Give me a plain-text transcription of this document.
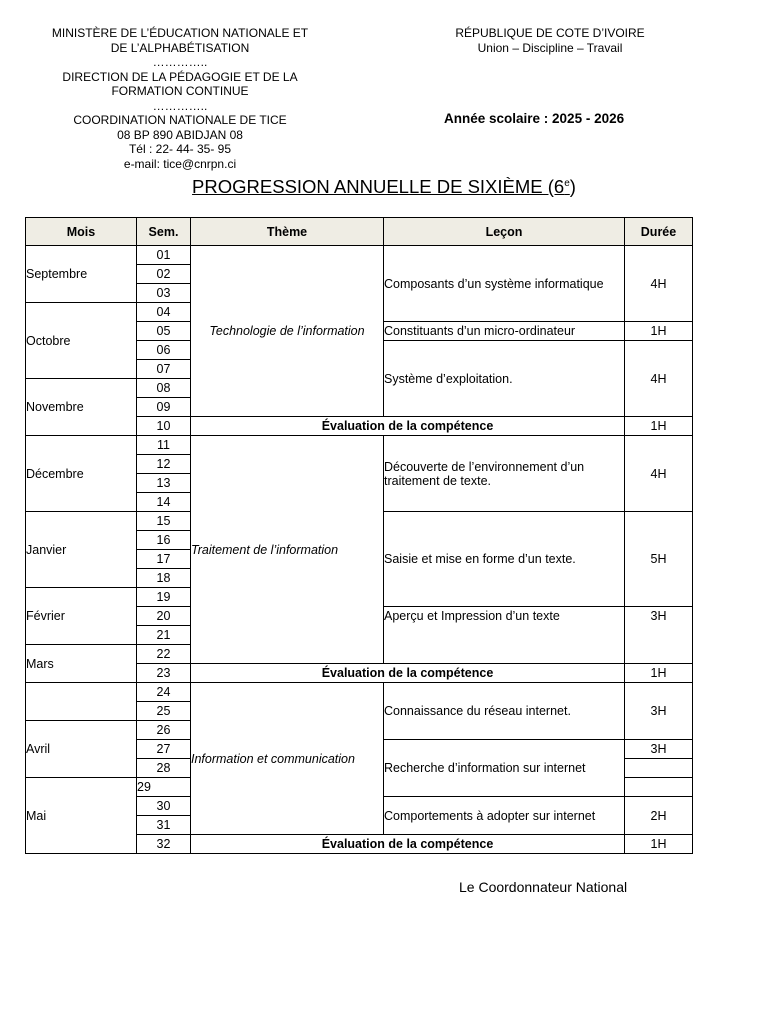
MINISTÈRE DE L’ÉDUCATION NATIONALE ET
DE L’ALPHABÉTISATION
…………..
DIRECTION DE LA PÉDAGOGIE ET DE LA
FORMATION CONTINUE
…………..
COORDINATION NATIONALE DE TICE
08 BP 890 ABIDJAN 08
Tél : 22- 44- 35- 95
e-mail: tice@cnrpn.ci
RÉPUBLIQUE DE COTE D’IVOIRE
Union – Discipline – Travail
Année scolaire : 2025 - 2026
PROGRESSION ANNUELLE DE SIXIÈME (6e)
Mois	Sem.	Thème	Leçon	Durée
Septembre	01	Technologie de l’information	Composants d’un système informatique	4H
	02			
	03			
Octobre	04			
	05		Constituants d’un micro-ordinateur	1H
	06		Système d’exploitation.	4H
	07			
Novembre	08			
	09			
	10	Évaluation de la compétence		1H
Décembre	11	Traitement de l’information	Découverte de l’environnement d’un traitement de texte.	4H
	12			
	13			
	14			
Janvier	15		Saisie et mise en forme d’un texte.	5H
	16			
	17			
	18			
Février	19			
	20		Aperçu et Impression d’un texte	3H
	21			
Mars	22			
	23	Évaluation de la compétence		1H
	24	Information et communication	Connaissance du réseau internet.	3H
	25			
Avril	26			
	27		Recherche d’information sur internet	3H
	28			
Mai	29			
	30		Comportements à adopter sur internet	2H
	31			
	32	Évaluation de la compétence		1H
Le Coordonnateur National
